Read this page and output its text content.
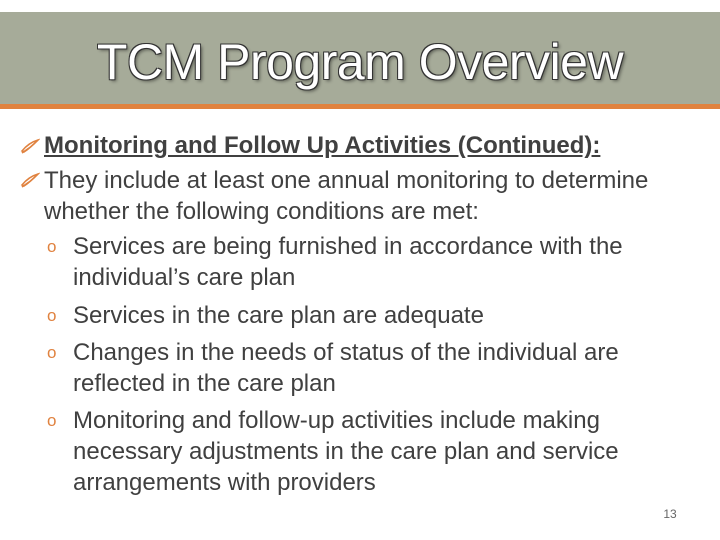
TCM Program Overview

Monitoring and Follow Up Activities (Continued):

They include at least one annual monitoring to determine whether the following conditions are met:

o Services are being furnished in accordance with the individual’s care plan

o Services in the care plan are adequate

o Changes in the needs of status of the individual are reflected in the care plan

o Monitoring and follow-up activities include making necessary adjustments in the care plan and service arrangements with providers

13
